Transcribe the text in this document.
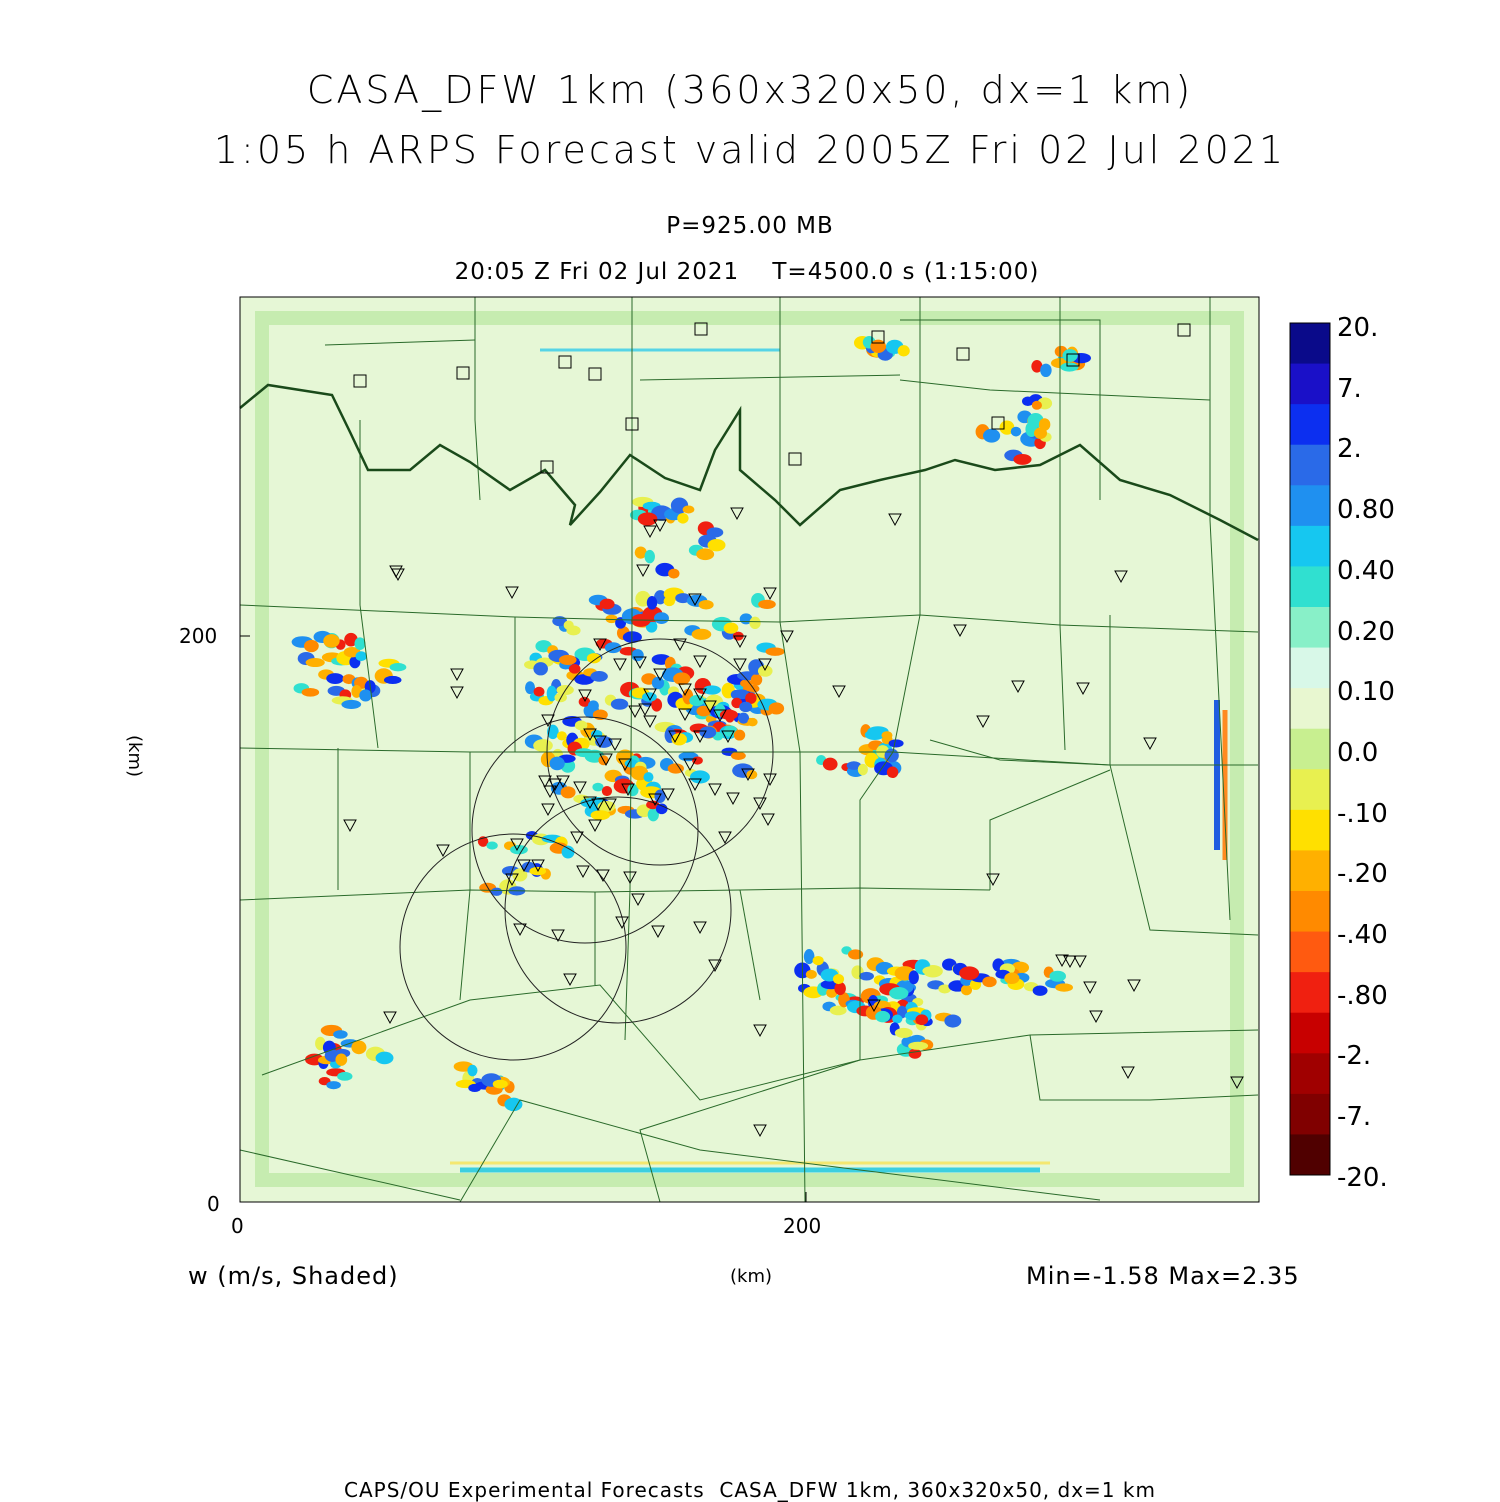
CASA_DFW 1km (360x320x50, dx=1 km)
1:05 h ARPS Forecast valid 2005Z Fri 02 Jul 2021
P=925.00 MB
20:05 Z Fri 02 Jul 2021    T=4500.0 s (1:15:00)
200
0
0	200
(km)
(km)
w (m/s, Shaded)	Min=-1.58 Max=2.35
20.
7.
2.
0.80
0.40
0.20
0.10
0.0
-.10
-.20
-.40
-.80
-2.
-7.
-20.
CAPS/OU Experimental Forecasts  CASA_DFW 1km, 360x320x50, dx=1 km
